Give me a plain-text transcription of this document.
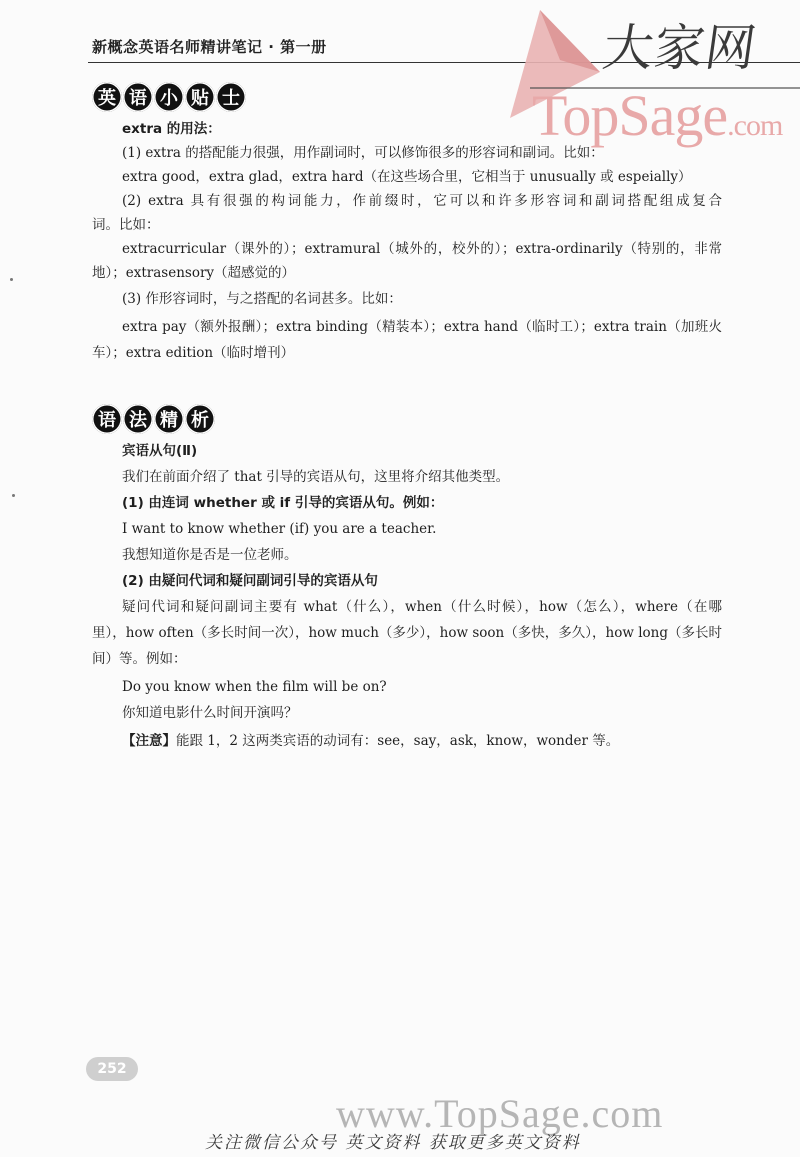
新概念英语名师精讲笔记 · 第一册	大家网
TopSage.com
英 语 小 贴 士
extra 的用法：
(1) extra 的搭配能力很强，用作副词时，可以修饰很多的形容词和副词。比如：
extra good，extra glad，extra hard（在这些场合里，它相当于 unusually 或 espeially）
(2) extra 具有很强的构词能力，作前缀时，它可以和许多形容词和副词搭配组成复合
词。比如：
extracurricular（课外的）；extramural（城外的，校外的）；extra-ordinarily（特别的，非常
地）；extrasensory（超感觉的）
(3) 作形容词时，与之搭配的名词甚多。比如：
extra pay（额外报酬）；extra binding（精装本）；extra hand（临时工）；extra train（加班火
车）；extra edition（临时增刊）
语 法 精 析
宾语从句(Ⅱ)
我们在前面介绍了 that 引导的宾语从句，这里将介绍其他类型。
(1) 由连词 whether 或 if 引导的宾语从句。例如：
I want to know whether (if) you are a teacher.
我想知道你是否是一位老师。
(2) 由疑问代词和疑问副词引导的宾语从句
疑问代词和疑问副词主要有 what（什么），when（什么时候），how（怎么），where（在哪
里），how often（多长时间一次），how much（多少），how soon（多快，多久），how long（多长时
间）等。例如：
Do you know when the film will be on?
你知道电影什么时间开演吗？
【注意】能跟 1，2 这两类宾语的动词有：see，say，ask，know，wonder 等。
252
www.TopSage.com
关注微信公众号 英文资料 获取更多英文资料
